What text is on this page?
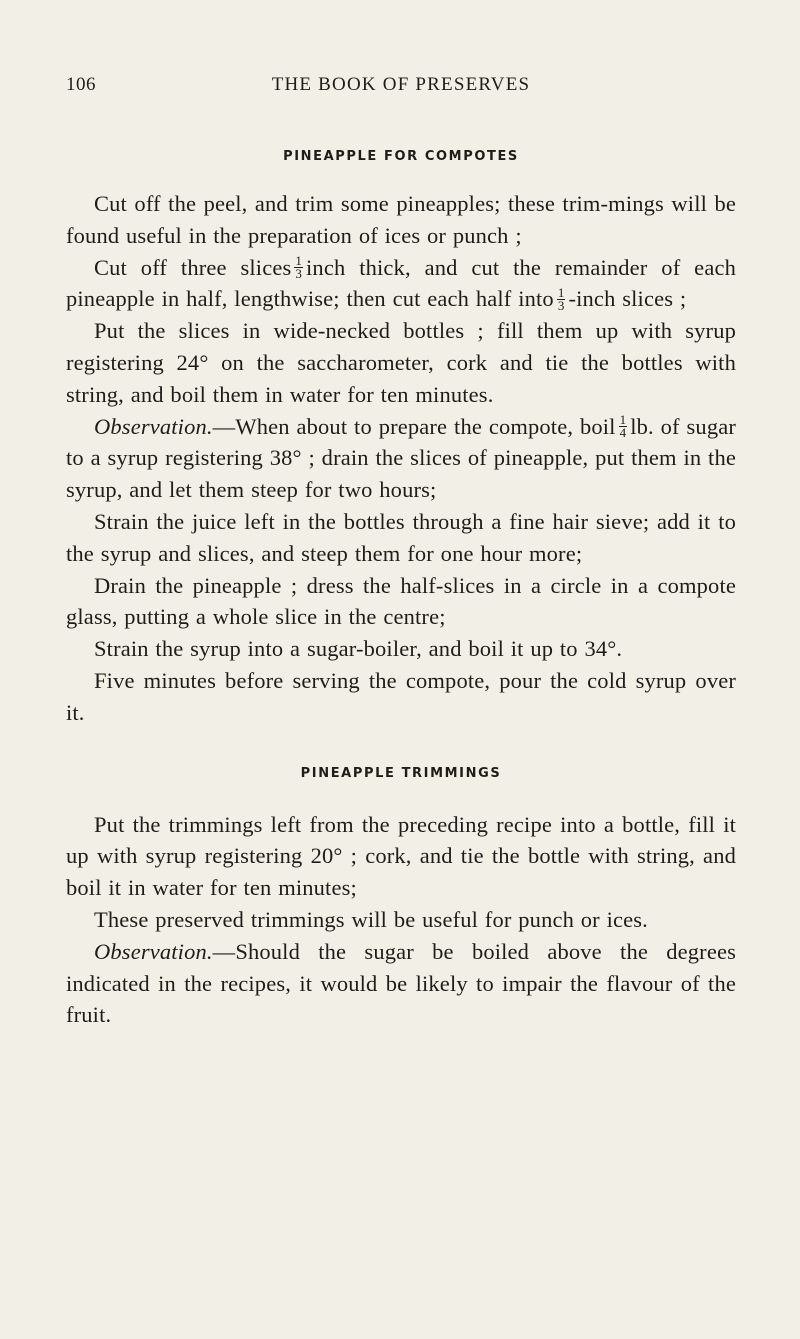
106	THE BOOK OF PRESERVES
PINEAPPLE FOR COMPOTES

Cut off the peel, and trim some pineapples; these trim-mings will be found useful in the preparation of ices or punch ;

Cut off three slices $\frac{1}{3}$ inch thick, and cut the remainder of each pineapple in half, lengthwise; then cut each half into $\frac{1}{3}$ -inch slices ;

Put the slices in wide-necked bottles ; fill them up with syrup registering 24° on the saccharometer, cork and tie the bottles with string, and boil them in water for ten minutes.

Observation.—When about to prepare the compote, boil $\frac{1}{4}$ lb. of sugar to a syrup registering 38° ; drain the slices of pineapple, put them in the syrup, and let them steep for two hours;

Strain the juice left in the bottles through a fine hair sieve; add it to the syrup and slices, and steep them for one hour more;

Drain the pineapple ; dress the half-slices in a circle in a compote glass, putting a whole slice in the centre;

Strain the syrup into a sugar-boiler, and boil it up to 34°.

Five minutes before serving the compote, pour the cold syrup over it.

PINEAPPLE TRIMMINGS

Put the trimmings left from the preceding recipe into a bottle, fill it up with syrup registering 20° ; cork, and tie the bottle with string, and boil it in water for ten minutes;

These preserved trimmings will be useful for punch or ices.

Observation.—Should the sugar be boiled above the degrees indicated in the recipes, it would be likely to impair the flavour of the fruit.
